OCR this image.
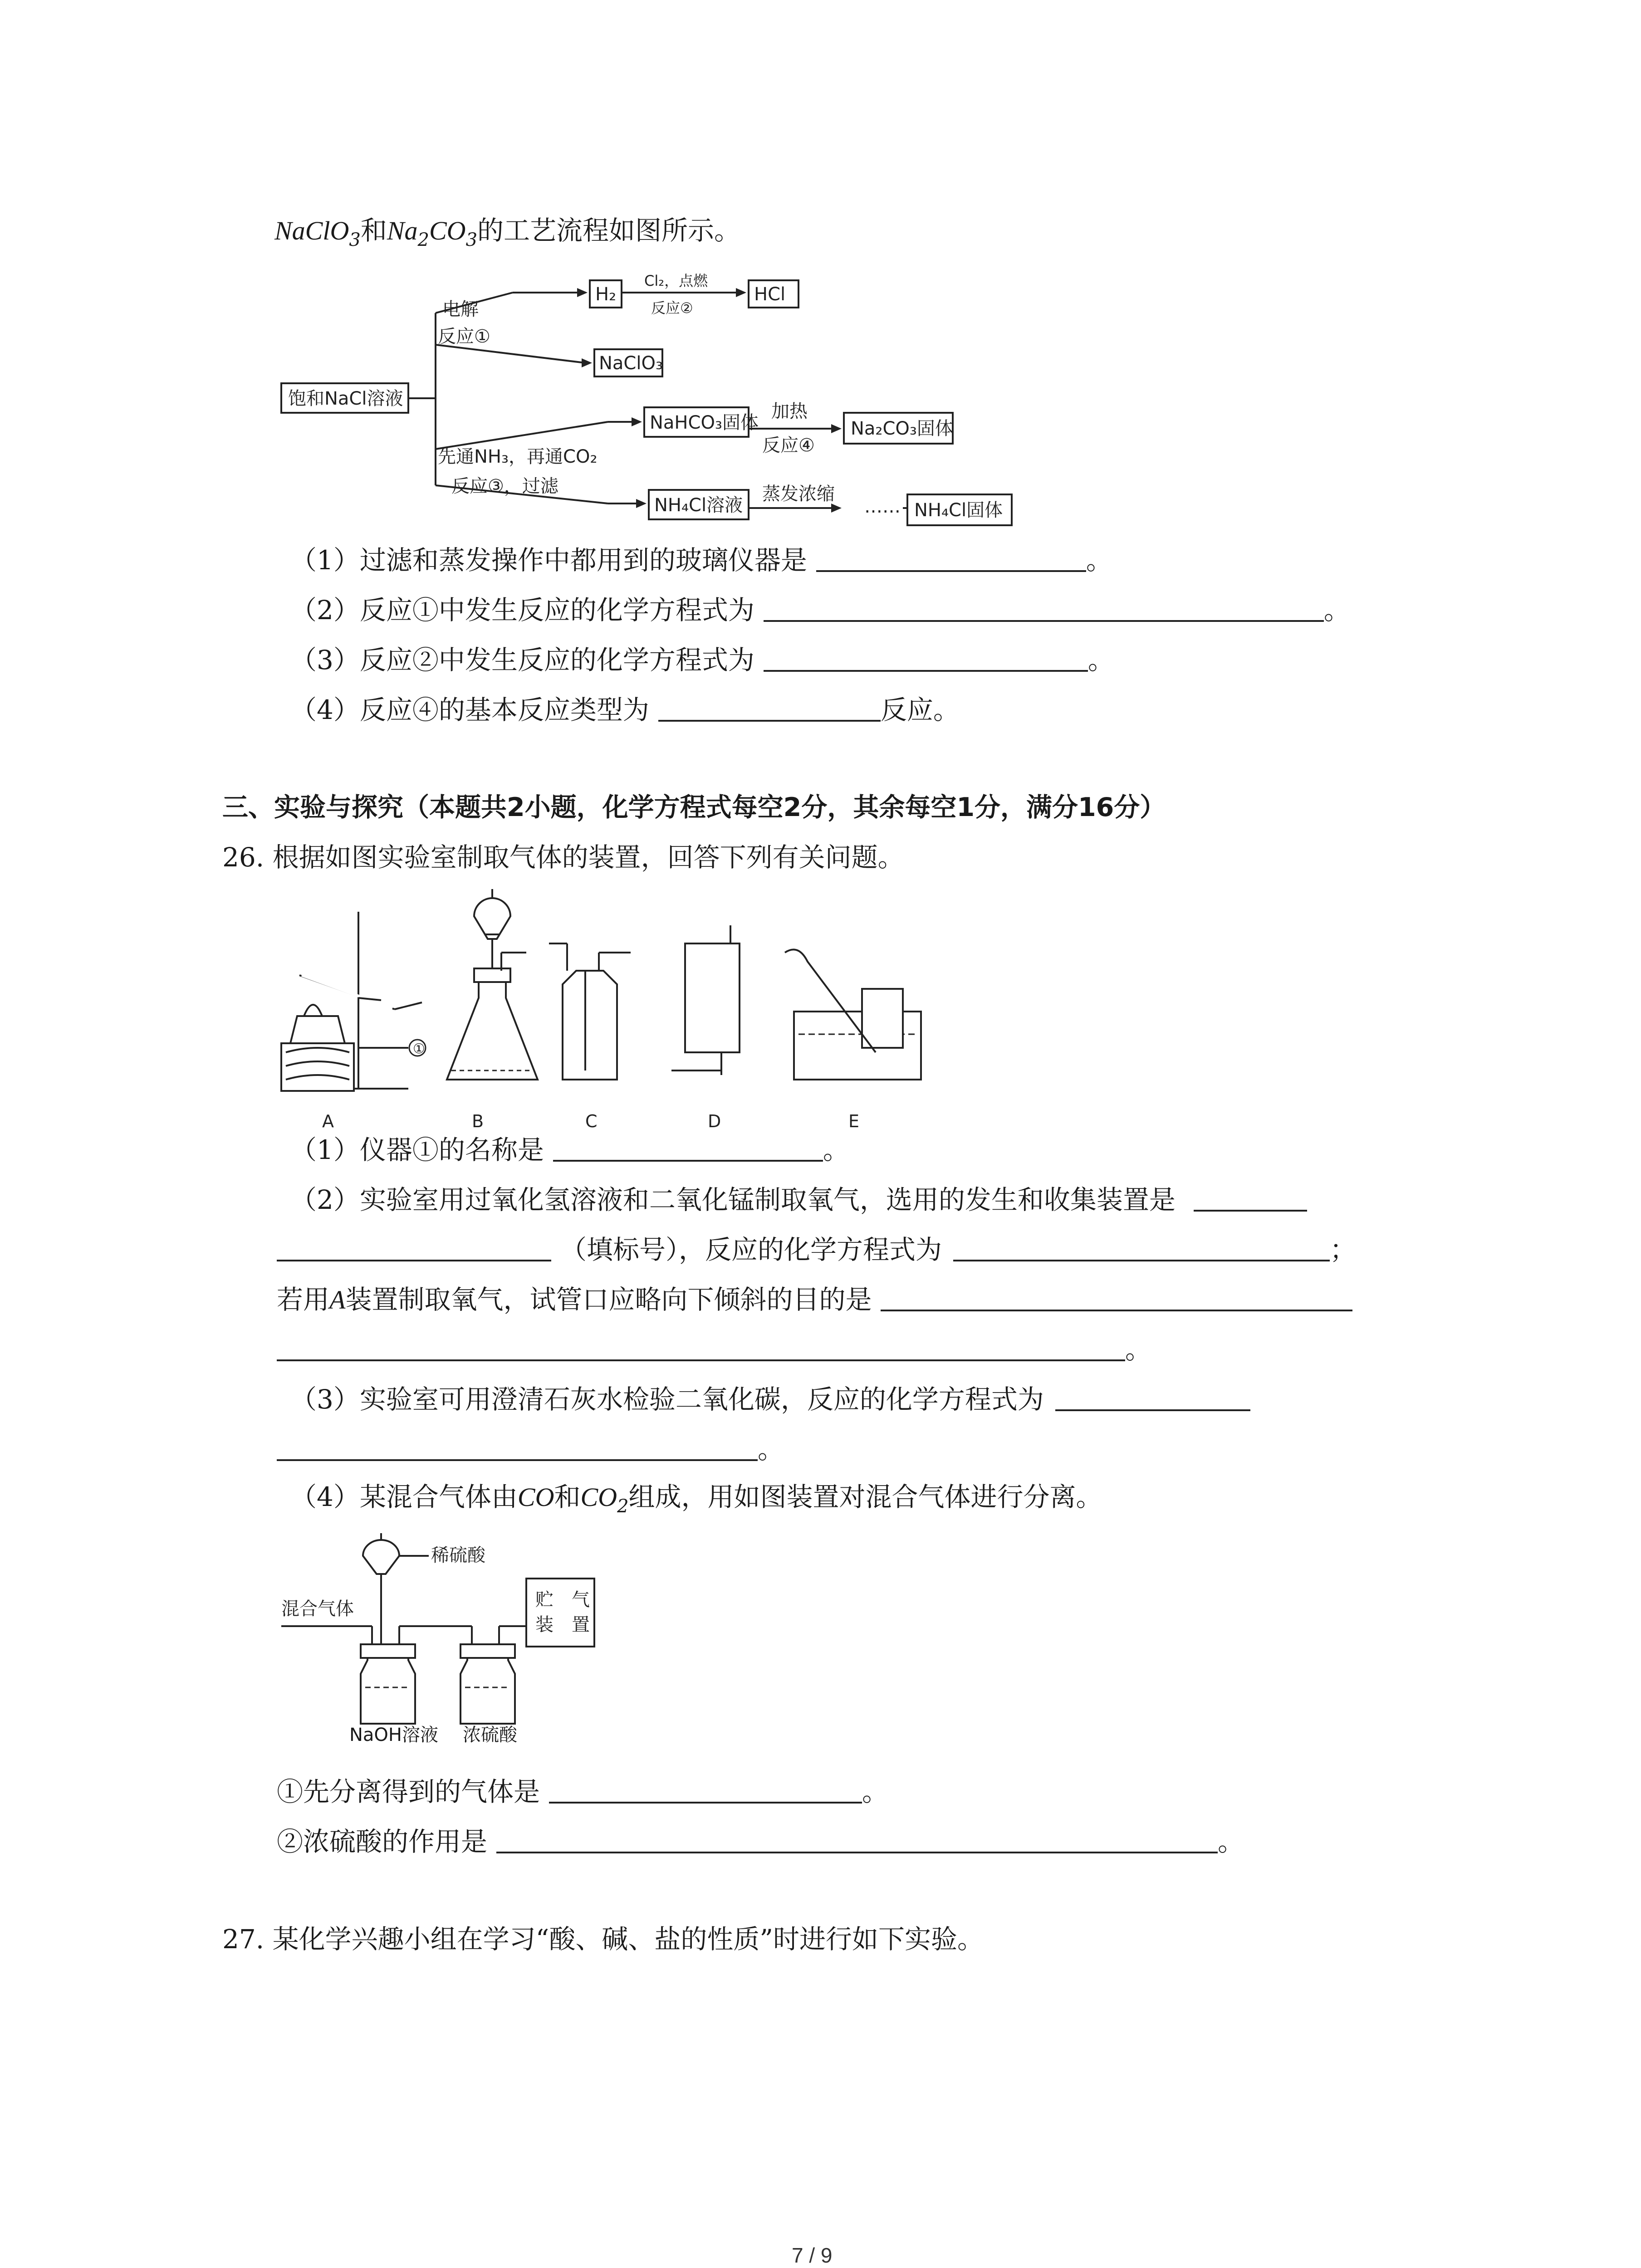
NaClO$_3$和$Na_2CO_3$的工艺流程如图所示。
饱和NaCl溶液
电解
反应①
H₂
Cl₂，点燃
反应②
HCl
NaClO₃
先通NH₃，再通CO₂
反应③，过滤
NaHCO₃固体
加热
反应④
Na₂CO₃固体
NH₄Cl溶液
蒸发浓缩
…… NH₄Cl固体
（1）过滤和蒸发操作中都用到的玻璃仪器是	。
（2）反应①中发生反应的化学方程式为	。
（3）反应②中发生反应的化学方程式为	。
（4）反应④的基本反应类型为	反应。
三、实验与探究（本题共2小题，化学方程式每空2分，其余每空1分，满分16分）
26. 根据如图实验室制取气体的装置，回答下列有关问题。
①
A	B	C	D	E
（1）仪器①的名称是	。
（2）实验室用过氧化氢溶液和二氧化锰制取氧气，选用的发生和收集装置是
（填标号），反应的化学方程式为	；
若用A装置制取氧气，试管口应略向下倾斜的目的是
。
（3）实验室可用澄清石灰水检验二氧化碳，反应的化学方程式为
。
（4）某混合气体由CO和$CO_2$组成，用如图装置对混合气体进行分离。
稀硫酸
混合气体	贮　气
装　置
NaOH溶液 浓硫酸
①先分离得到的气体是	。
②浓硫酸的作用是	。
27. 某化学兴趣小组在学习“酸、碱、盐的性质”时进行如下实验。
7 / 9
